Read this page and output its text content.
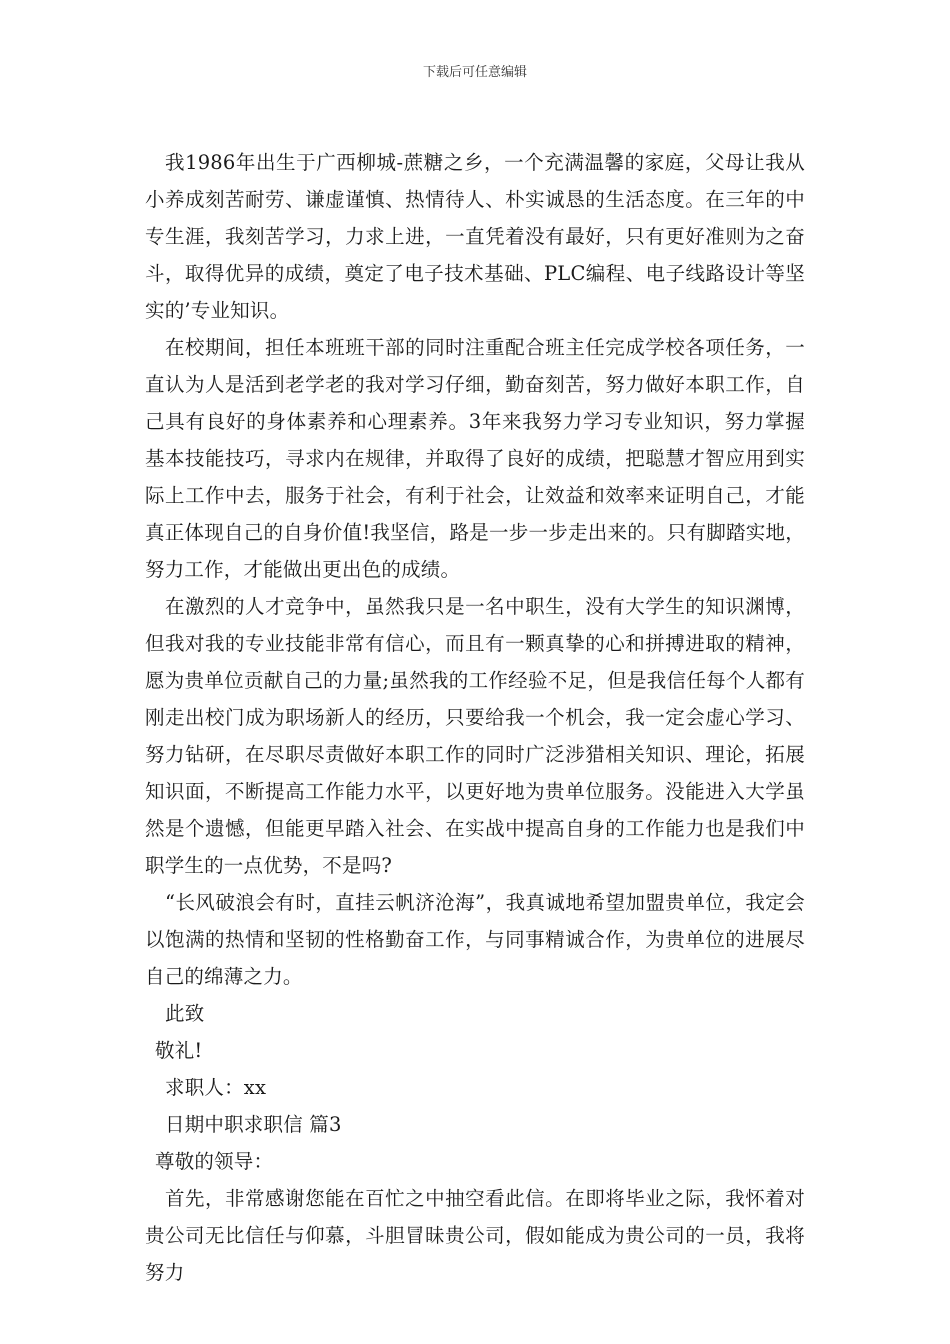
下载后可任意编辑

我1986年出生于广西柳城-蔗糖之乡，一个充满温馨的家庭，父母让我从小养成刻苦耐劳、谦虚谨慎、热情待人、朴实诚恳的生活态度。在三年的中专生涯，我刻苦学习，力求上进，一直凭着没有最好，只有更好准则为之奋斗，取得优异的成绩，奠定了电子技术基础、PLC编程、电子线路设计等坚实的’专业知识。

在校期间，担任本班班干部的同时注重配合班主任完成学校各项任务，一直认为人是活到老学老的我对学习仔细，勤奋刻苦，努力做好本职工作，自己具有良好的身体素养和心理素养。3年来我努力学习专业知识，努力掌握基本技能技巧，寻求内在规律，并取得了良好的成绩，把聪慧才智应用到实际上工作中去，服务于社会，有利于社会，让效益和效率来证明自己，才能真正体现自己的自身价值!我坚信，路是一步一步走出来的。只有脚踏实地，努力工作，才能做出更出色的成绩。

在激烈的人才竞争中，虽然我只是一名中职生，没有大学生的知识渊博，但我对我的专业技能非常有信心，而且有一颗真挚的心和拼搏进取的精神，愿为贵单位贡献自己的力量;虽然我的工作经验不足，但是我信任每个人都有刚走出校门成为职场新人的经历，只要给我一个机会，我一定会虚心学习、努力钻研，在尽职尽责做好本职工作的同时广泛涉猎相关知识、理论，拓展知识面，不断提高工作能力水平，以更好地为贵单位服务。没能进入大学虽然是个遗憾，但能更早踏入社会、在实战中提高自身的工作能力也是我们中职学生的一点优势，不是吗?

“长风破浪会有时，直挂云帆济沧海”，我真诚地希望加盟贵单位，我定会以饱满的热情和坚韧的性格勤奋工作，与同事精诚合作，为贵单位的进展尽自己的绵薄之力。

此致

敬礼!

求职人：xx

日期中职求职信 篇3

尊敬的领导：

首先，非常感谢您能在百忙之中抽空看此信。在即将毕业之际，我怀着对贵公司无比信任与仰慕，斗胆冒昧贵公司，假如能成为贵公司的一员，我将努力
